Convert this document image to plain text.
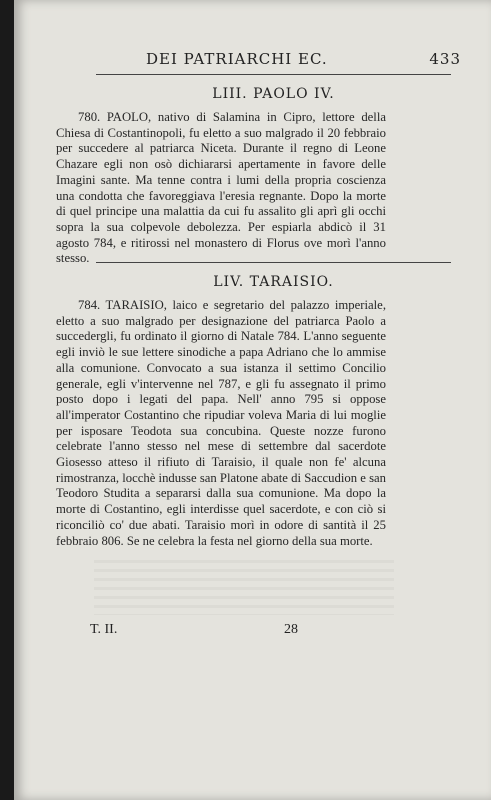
DEI PATRIARCHI EC.	433
LIII. PAOLO IV.

780. PAOLO, nativo di Salamina in Cipro, lettore della Chiesa di Costantinopoli, fu eletto a suo malgrado il 20 febbraio per succedere al patriarca Niceta. Durante il regno di Leone Chazare egli non osò dichiararsi apertamente in favore delle Imagini sante. Ma tenne contra i lumi della propria coscienza una condotta che favoreggiava l'eresia regnante. Dopo la morte di quel principe una malattia da cui fu assalito gli aprì gli occhi sopra la sua colpevole debolezza. Per espiarla abdicò il 31 agosto 784, e ritirossi nel monastero di Florus ove morì l'anno stesso.

LIV. TARAISIO.

784. TARAISIO, laico e segretario del palazzo imperiale, eletto a suo malgrado per designazione del patriarca Paolo a succedergli, fu ordinato il giorno di Natale 784. L'anno seguente egli inviò le sue lettere sinodiche a papa Adriano che lo ammise alla comunione. Convocato a sua istanza il settimo Concilio generale, egli v'intervenne nel 787, e gli fu assegnato il primo posto dopo i legati del papa. Nell' anno 795 si oppose all'imperator Costantino che ripudiar voleva Maria di lui moglie per isposare Teodota sua concubina. Queste nozze furono celebrate l'anno stesso nel mese di settembre dal sacerdote Giosesso atteso il rifiuto di Taraisio, il quale non fe' alcuna rimostranza, locchè indusse san Platone abate di Saccudion e san Teodoro Studita a separarsi dalla sua comunione. Ma dopo la morte di Costantino, egli interdisse quel sacerdote, e con ciò si riconciliò co' due abati. Taraisio morì in odore di santità il 25 febbraio 806. Se ne celebra la festa nel giorno della sua morte.

T. II.	28
